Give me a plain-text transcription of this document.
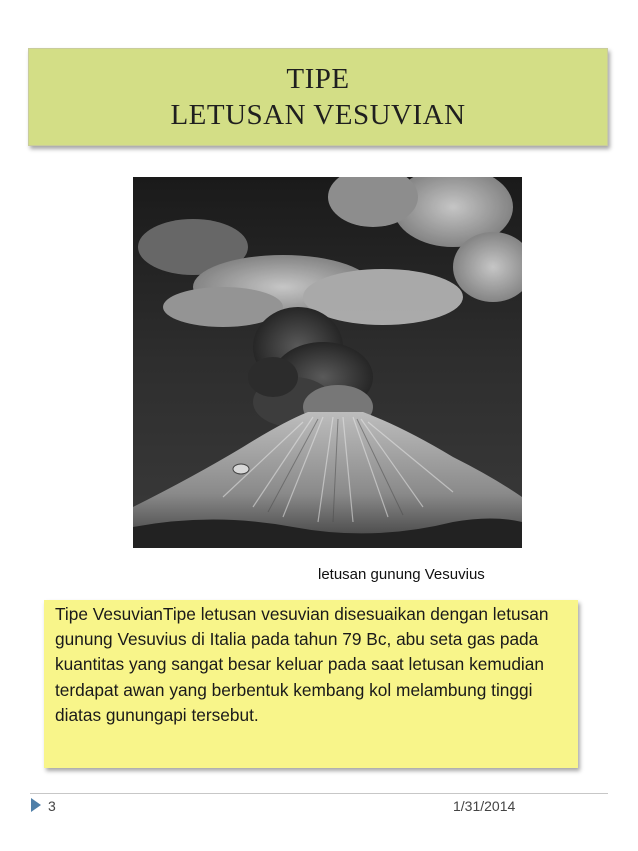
TIPE
LETUSAN VESUVIAN
letusan gunung Vesuvius
Tipe VesuvianTipe letusan vesuvian disesuaikan dengan letusan gunung Vesuvius di Italia pada tahun 79 Bc, abu seta gas pada kuantitas yang sangat besar keluar pada saat letusan kemudian terdapat awan yang berbentuk kembang kol melambung tinggi diatas gunungapi tersebut.
3	1/31/2014
